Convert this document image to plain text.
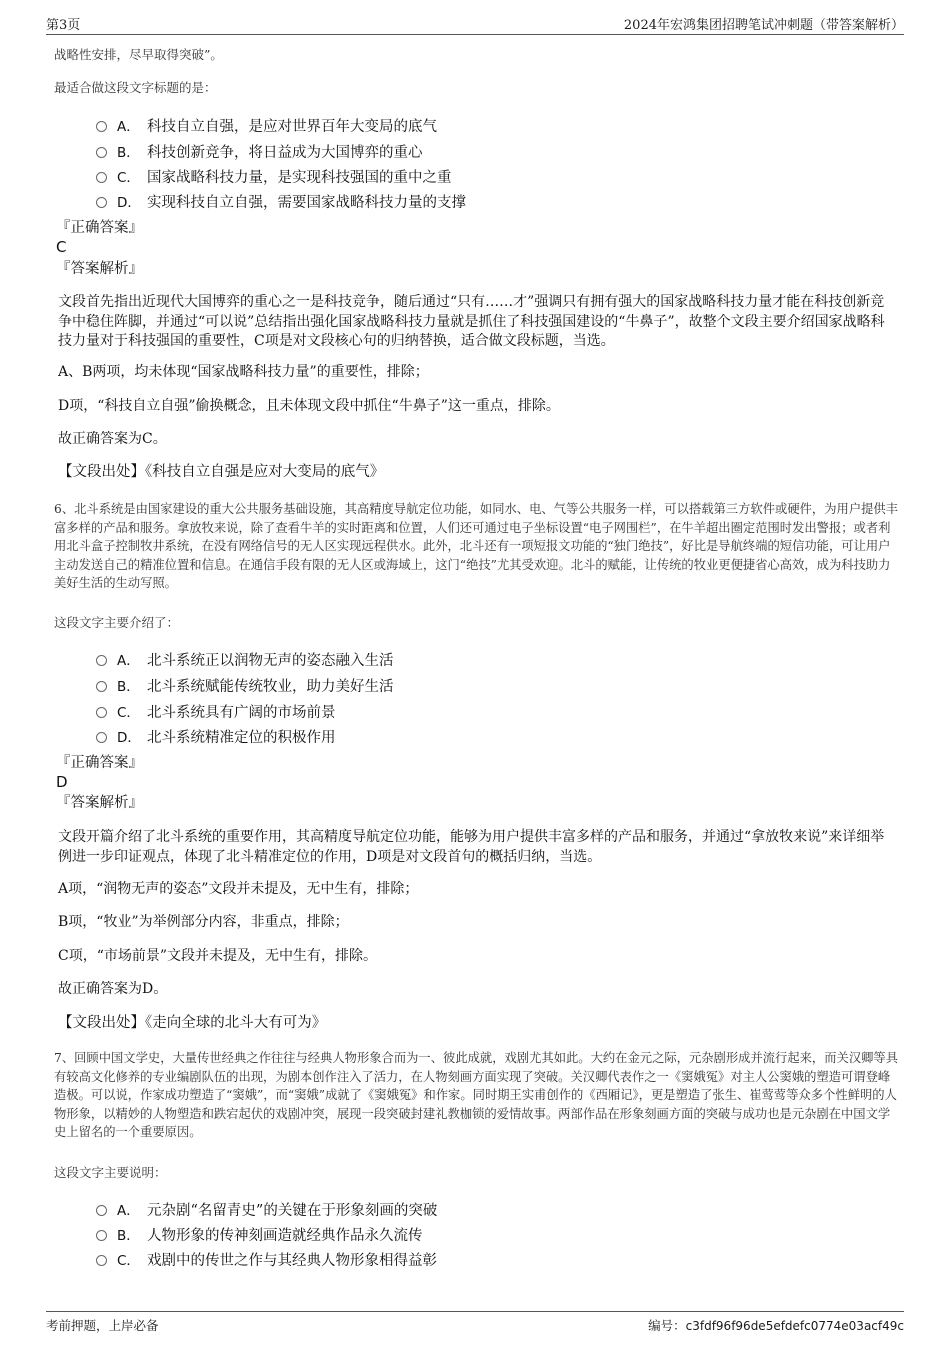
第3页	2024年宏鸿集团招聘笔试冲刺题（带答案解析）
战略性安排，尽早取得突破”。
最适合做这段文字标题的是：
A． 科技自立自强，是应对世界百年大变局的底气
B． 科技创新竞争，将日益成为大国博弈的重心
C． 国家战略科技力量，是实现科技强国的重中之重
D． 实现科技自立自强，需要国家战略科技力量的支撑
『正确答案』
C
『答案解析』
文段首先指出近现代大国博弈的重心之一是科技竞争，随后通过“只有……才”强调只有拥有强大的国家战略科技力量才能在科技创新竞争中稳住阵脚，并通过“可以说”总结指出强化国家战略科技力量就是抓住了科技强国建设的“牛鼻子”，故整个文段主要介绍国家战略科技力量对于科技强国的重要性，C项是对文段核心句的归纳替换，适合做文段标题，当选。
A、B两项，均未体现“国家战略科技力量”的重要性，排除；
D项，“科技自立自强”偷换概念，且未体现文段中抓住“牛鼻子”这一重点，排除。
故正确答案为C。
【文段出处】《科技自立自强是应对大变局的底气》
6、北斗系统是由国家建设的重大公共服务基础设施，其高精度导航定位功能，如同水、电、气等公共服务一样，可以搭载第三方软件或硬件，为用户提供丰富多样的产品和服务。拿放牧来说，除了查看牛羊的实时距离和位置，人们还可通过电子坐标设置“电子网围栏”，在牛羊超出圈定范围时发出警报；或者利用北斗盒子控制牧井系统，在没有网络信号的无人区实现远程供水。此外，北斗还有一项短报文功能的“独门绝技”，好比是导航终端的短信功能，可让用户主动发送自己的精准位置和信息。在通信手段有限的无人区或海域上，这门“绝技”尤其受欢迎。北斗的赋能，让传统的牧业更便捷省心高效，成为科技助力美好生活的生动写照。
这段文字主要介绍了：
A． 北斗系统正以润物无声的姿态融入生活
B． 北斗系统赋能传统牧业，助力美好生活
C． 北斗系统具有广阔的市场前景
D． 北斗系统精准定位的积极作用
『正确答案』
D
『答案解析』
文段开篇介绍了北斗系统的重要作用，其高精度导航定位功能，能够为用户提供丰富多样的产品和服务，并通过“拿放牧来说”来详细举例进一步印证观点，体现了北斗精准定位的作用，D项是对文段首句的概括归纳，当选。
A项，“润物无声的姿态”文段并未提及，无中生有，排除；
B项，“牧业”为举例部分内容，非重点，排除；
C项，“市场前景”文段并未提及，无中生有，排除。
故正确答案为D。
【文段出处】《走向全球的北斗大有可为》
7、回顾中国文学史，大量传世经典之作往往与经典人物形象合而为一、彼此成就，戏剧尤其如此。大约在金元之际，元杂剧形成并流行起来，而关汉卿等具有较高文化修养的专业编剧队伍的出现，为剧本创作注入了活力，在人物刻画方面实现了突破。关汉卿代表作之一《窦娥冤》对主人公窦娥的塑造可谓登峰造极。可以说，作家成功塑造了“窦娥”，而“窦娥”成就了《窦娥冤》和作家。同时期王实甫创作的《西厢记》，更是塑造了张生、崔莺莺等众多个性鲜明的人物形象，以精妙的人物塑造和跌宕起伏的戏剧冲突，展现一段突破封建礼教枷锁的爱情故事。两部作品在形象刻画方面的突破与成功也是元杂剧在中国文学史上留名的一个重要原因。
这段文字主要说明：
A． 元杂剧“名留青史”的关键在于形象刻画的突破
B． 人物形象的传神刻画造就经典作品永久流传
C． 戏剧中的传世之作与其经典人物形象相得益彰
考前押题，上岸必备	编号：c3fdf96f96de5efdefc0774e03acf49c
